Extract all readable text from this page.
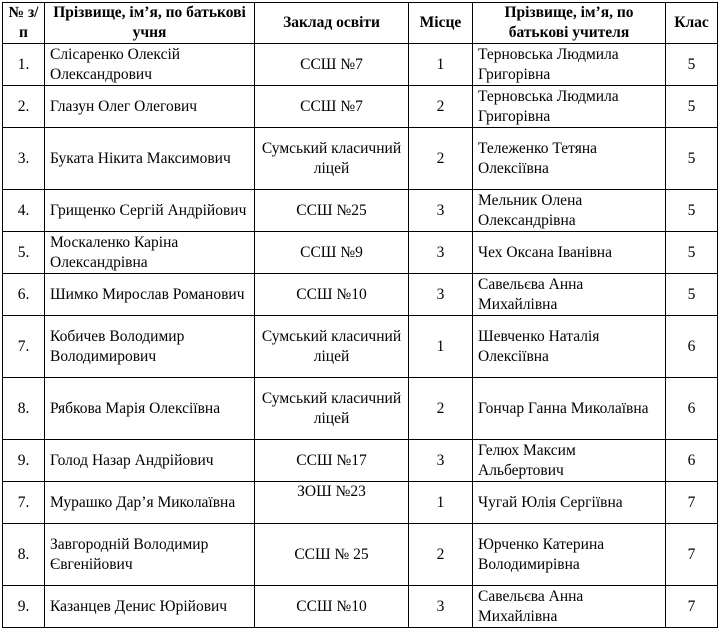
№ з/п	Прізвище, ім’я, по батькові учня	Заклад освіти	Місце	Прізвище, ім’я, по батькові учителя	Клас
1.	Слісаренко Олексій Олександрович	ССШ №7	1	Терновська Людмила Григорівна	5
2.	Глазун Олег Олегович	ССШ №7	2	Терновська Людмила Григорівна	5
3.	Буката Нікита Максимович	Сумський класичний ліцей	2	Тележенко Тетяна Олексіївна	5
4.	Грищенко Сергій Андрійович	ССШ №25	3	Мельник Олена Олександрівна	5
5.	Москаленко Каріна Олександрівна	ССШ №9	3	Чех Оксана Іванівна	5
6.	Шимко Мирослав Романович	ССШ №10	3	Савельєва Анна Михайлівна	5
7.	Кобичев Володимир Володимирович	Сумський класичний ліцей	1	Шевченко Наталія Олексіївна	6
8.	Рябкова Марія Олексіївна	Сумський класичний ліцей	2	Гончар Ганна Миколаївна	6
9.	Голод Назар Андрійович	ССШ №17	3	Гелюх Максим Альбертович	6
7.	Мурашко Дар’я Миколаївна	ЗОШ №23	1	Чугай Юлія Сергіївна	7
8.	Завгородній Володимир Євгенійович	ССШ № 25	2	Юрченко Катерина Володимирівна	7
9.	Казанцев Денис Юрійович	ССШ №10	3	Савельєва Анна Михайлівна	7
